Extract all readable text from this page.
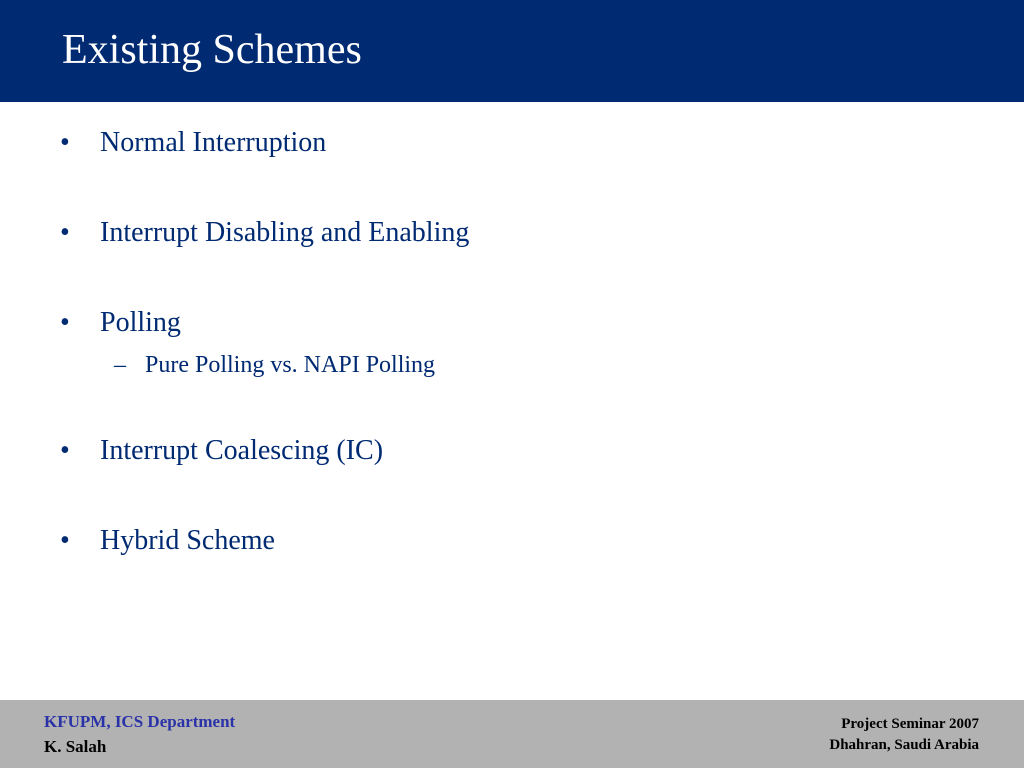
Existing Schemes
• Normal Interruption
• Interrupt Disabling and Enabling
• Polling
– Pure Polling vs. NAPI Polling
• Interrupt Coalescing (IC)
• Hybrid Scheme
KFUPM, ICS Department
K. Salah
Project Seminar 2007
Dhahran, Saudi Arabia
